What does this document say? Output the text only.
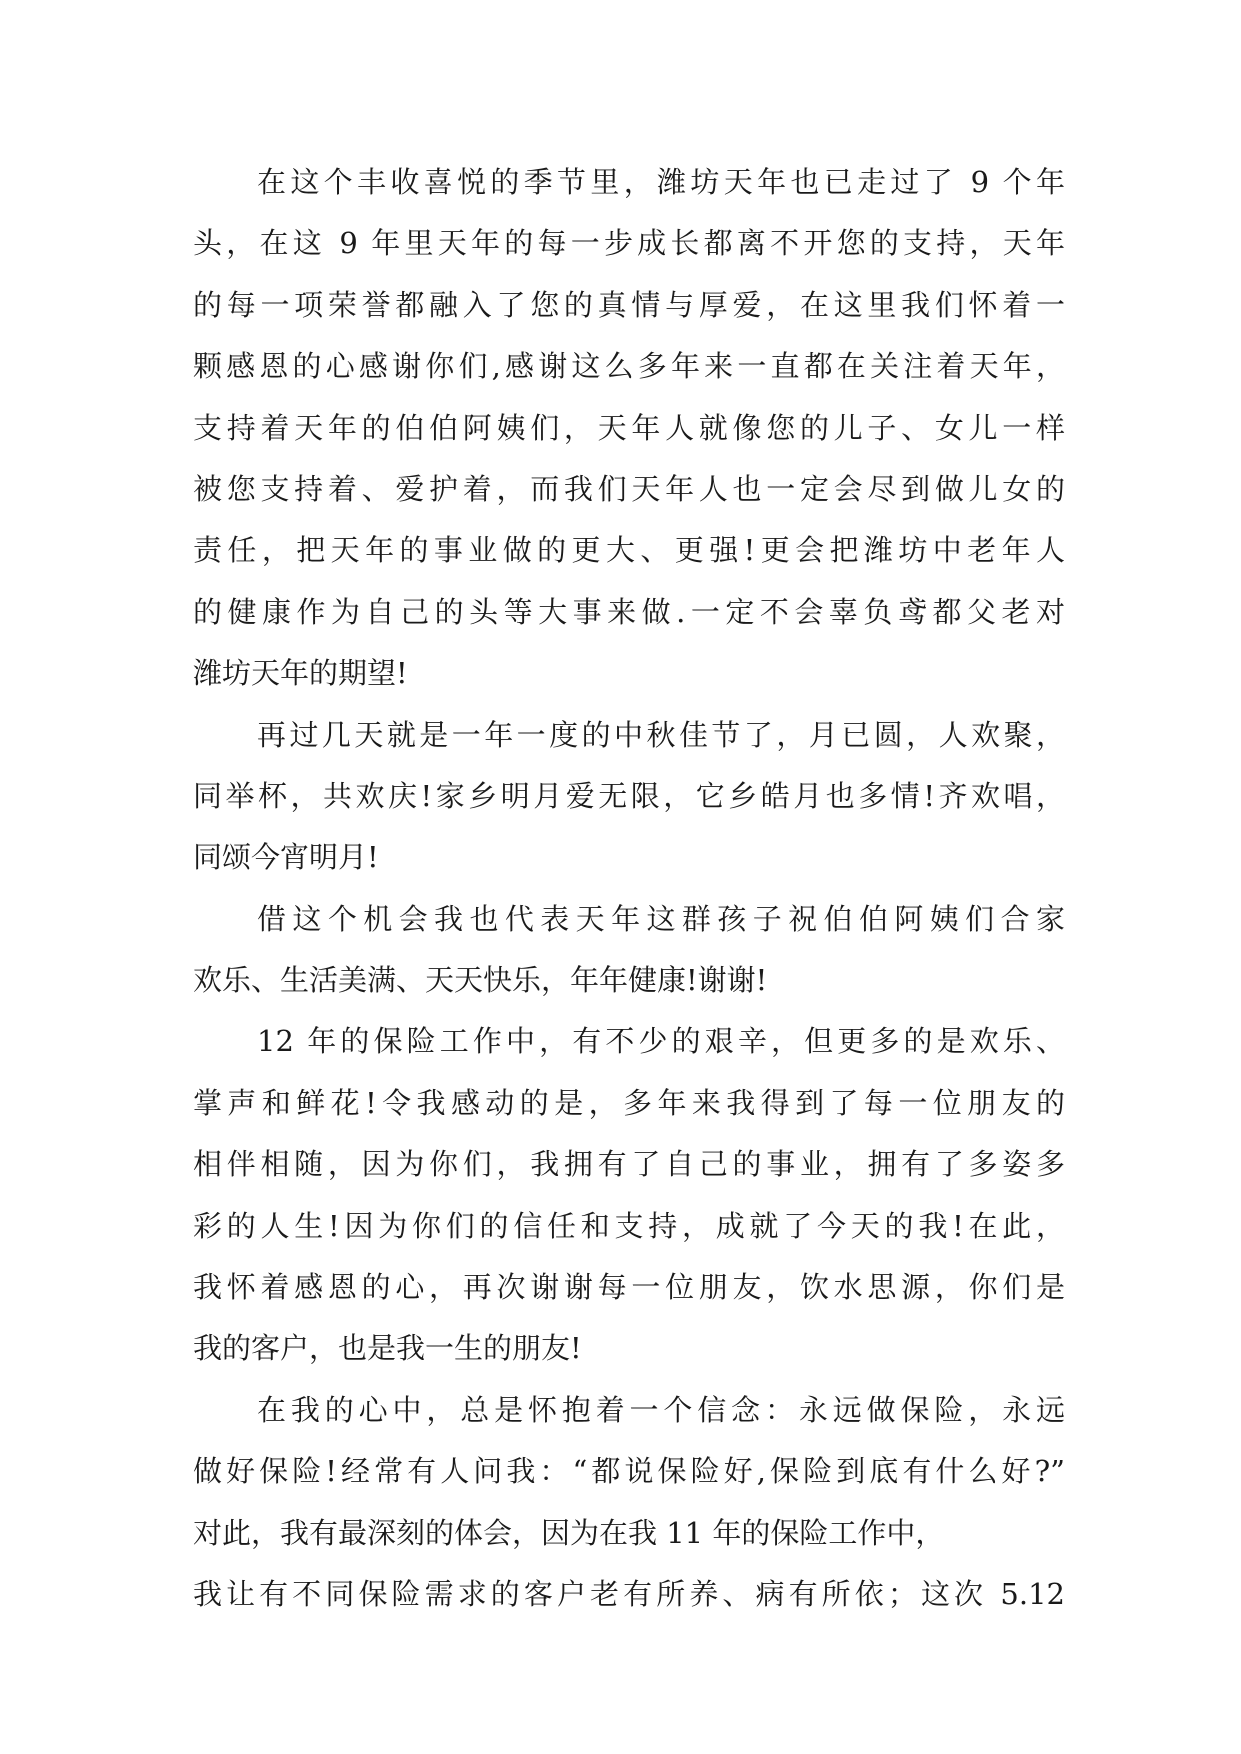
在这个丰收喜悦的季节里，潍坊天年也已走过了 9 个年
头，在这 9 年里天年的每一步成长都离不开您的支持，天年
的每一项荣誉都融入了您的真情与厚爱，在这里我们怀着一
颗感恩的心感谢你们,感谢这么多年来一直都在关注着天年，
支持着天年的伯伯阿姨们，天年人就像您的儿子、女儿一样
被您支持着、爱护着，而我们天年人也一定会尽到做儿女的
责任，把天年的事业做的更大、更强!更会把潍坊中老年人
的健康作为自己的头等大事来做.一定不会辜负鸢都父老对
潍坊天年的期望!
再过几天就是一年一度的中秋佳节了，月已圆，人欢聚，
同举杯，共欢庆!家乡明月爱无限，它乡皓月也多情!齐欢唱，
同颂今宵明月!
借这个机会我也代表天年这群孩子祝伯伯阿姨们合家
欢乐、生活美满、天天快乐，年年健康!谢谢!
12 年的保险工作中，有不少的艰辛，但更多的是欢乐、
掌声和鲜花!令我感动的是，多年来我得到了每一位朋友的
相伴相随，因为你们，我拥有了自己的事业，拥有了多姿多
彩的人生!因为你们的信任和支持，成就了今天的我!在此，
我怀着感恩的心，再次谢谢每一位朋友，饮水思源，你们是
我的客户，也是我一生的朋友!
在我的心中，总是怀抱着一个信念：永远做保险，永远
做好保险!经常有人问我：“都说保险好,保险到底有什么好?”
对此，我有最深刻的体会，因为在我 11 年的保险工作中，
我让有不同保险需求的客户老有所养、病有所依；这次 5.12
